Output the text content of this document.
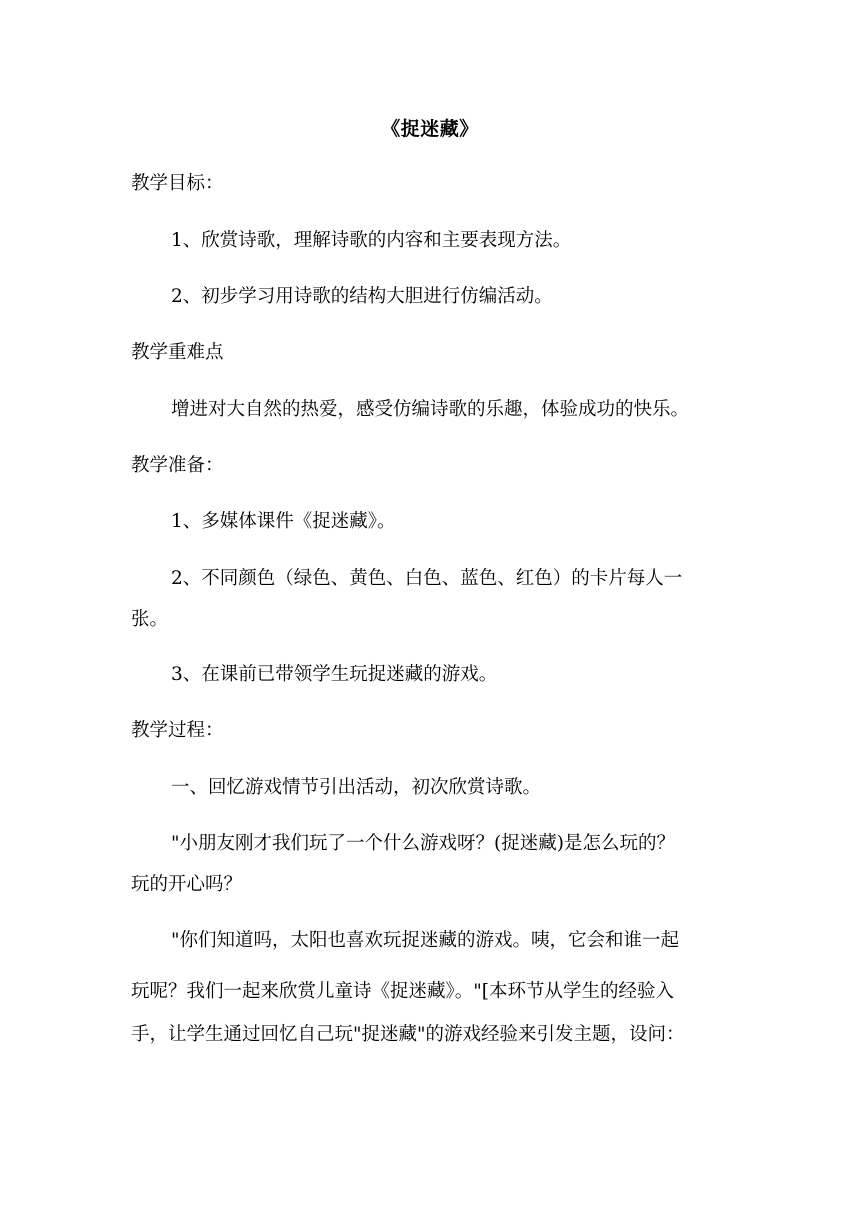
《捉迷藏》
教学目标：
1、欣赏诗歌，理解诗歌的内容和主要表现方法。
2、初步学习用诗歌的结构大胆进行仿编活动。
教学重难点
增进对大自然的热爱，感受仿编诗歌的乐趣，体验成功的快乐。
教学准备：
1、多媒体课件《捉迷藏》。
2、不同颜色（绿色、黄色、白色、蓝色、红色）的卡片每人一
张。
3、在课前已带领学生玩捉迷藏的游戏。
教学过程：
一、回忆游戏情节引出活动，初次欣赏诗歌。
"小朋友刚才我们玩了一个什么游戏呀？(捉迷藏)是怎么玩的？
玩的开心吗？
"你们知道吗，太阳也喜欢玩捉迷藏的游戏。咦，它会和谁一起
玩呢？我们一起来欣赏儿童诗《捉迷藏》。"[本环节从学生的经验入
手，让学生通过回忆自己玩"捉迷藏"的游戏经验来引发主题，设问：
